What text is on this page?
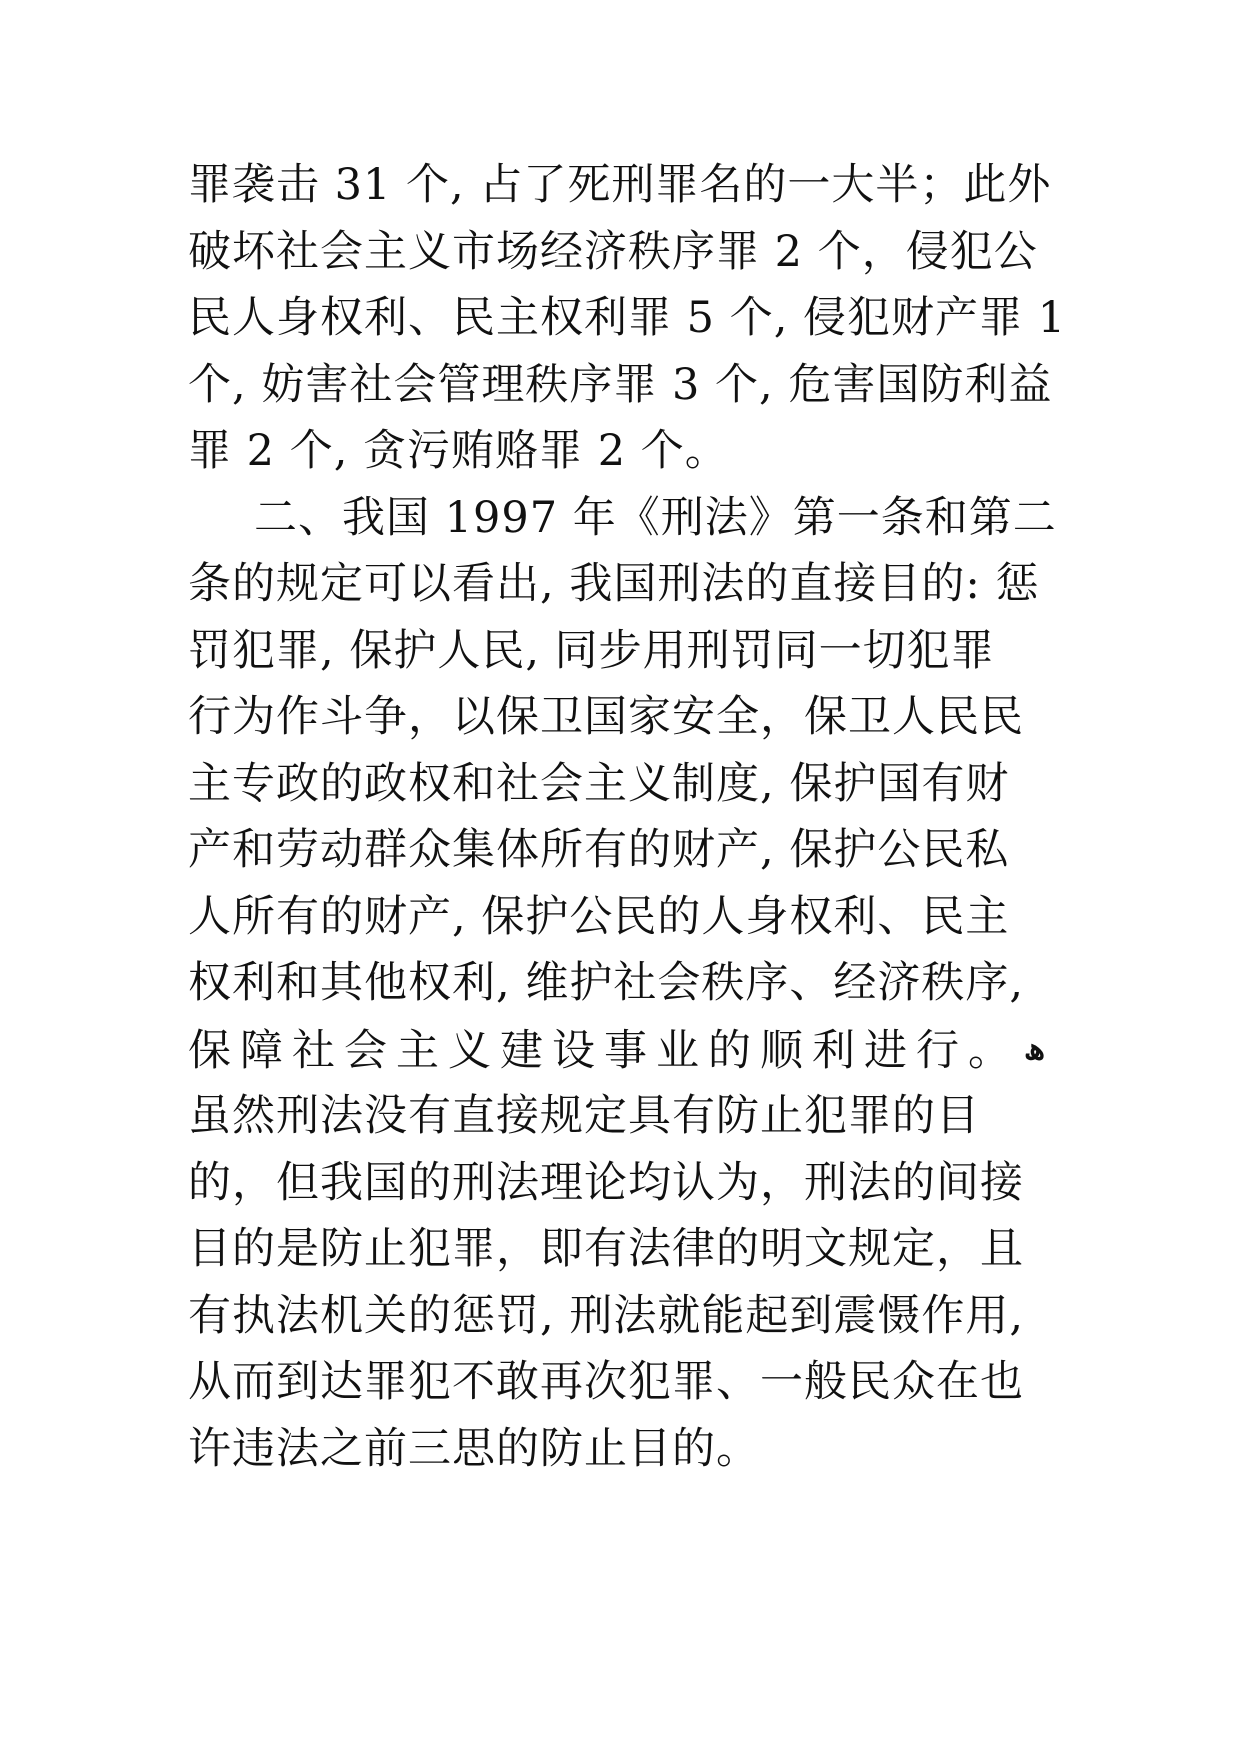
罪袭击 31 个, 占了死刑罪名的一大半；此外
破坏社会主义市场经济秩序罪 2 个，侵犯公
民人身权利、民主权利罪 5 个, 侵犯财产罪 1
个, 妨害社会管理秩序罪 3 个, 危害国防利益
罪 2 个, 贪污贿赂罪 2 个。
二、我国 1997 年《刑法》第一条和第二
条的规定可以看出, 我国刑法的直接目的: 惩
罚犯罪, 保护人民, 同步用刑罚同一切犯罪
行为作斗争，以保卫国家安全，保卫人民民
主专政的政权和社会主义制度, 保护国有财
产和劳动群众集体所有的财产, 保护公民私
人所有的财产, 保护公民的人身权利、民主
权利和其他权利, 维护社会秩序、经济秩序,
保障社会主义建设事业的顺利进行。 ھ
虽然刑法没有直接规定具有防止犯罪的目
的，但我国的刑法理论均认为，刑法的间接
目的是防止犯罪，即有法律的明文规定，且
有执法机关的惩罚, 刑法就能起到震慑作用,
从而到达罪犯不敢再次犯罪、一般民众在也
许违法之前三思的防止目的。
